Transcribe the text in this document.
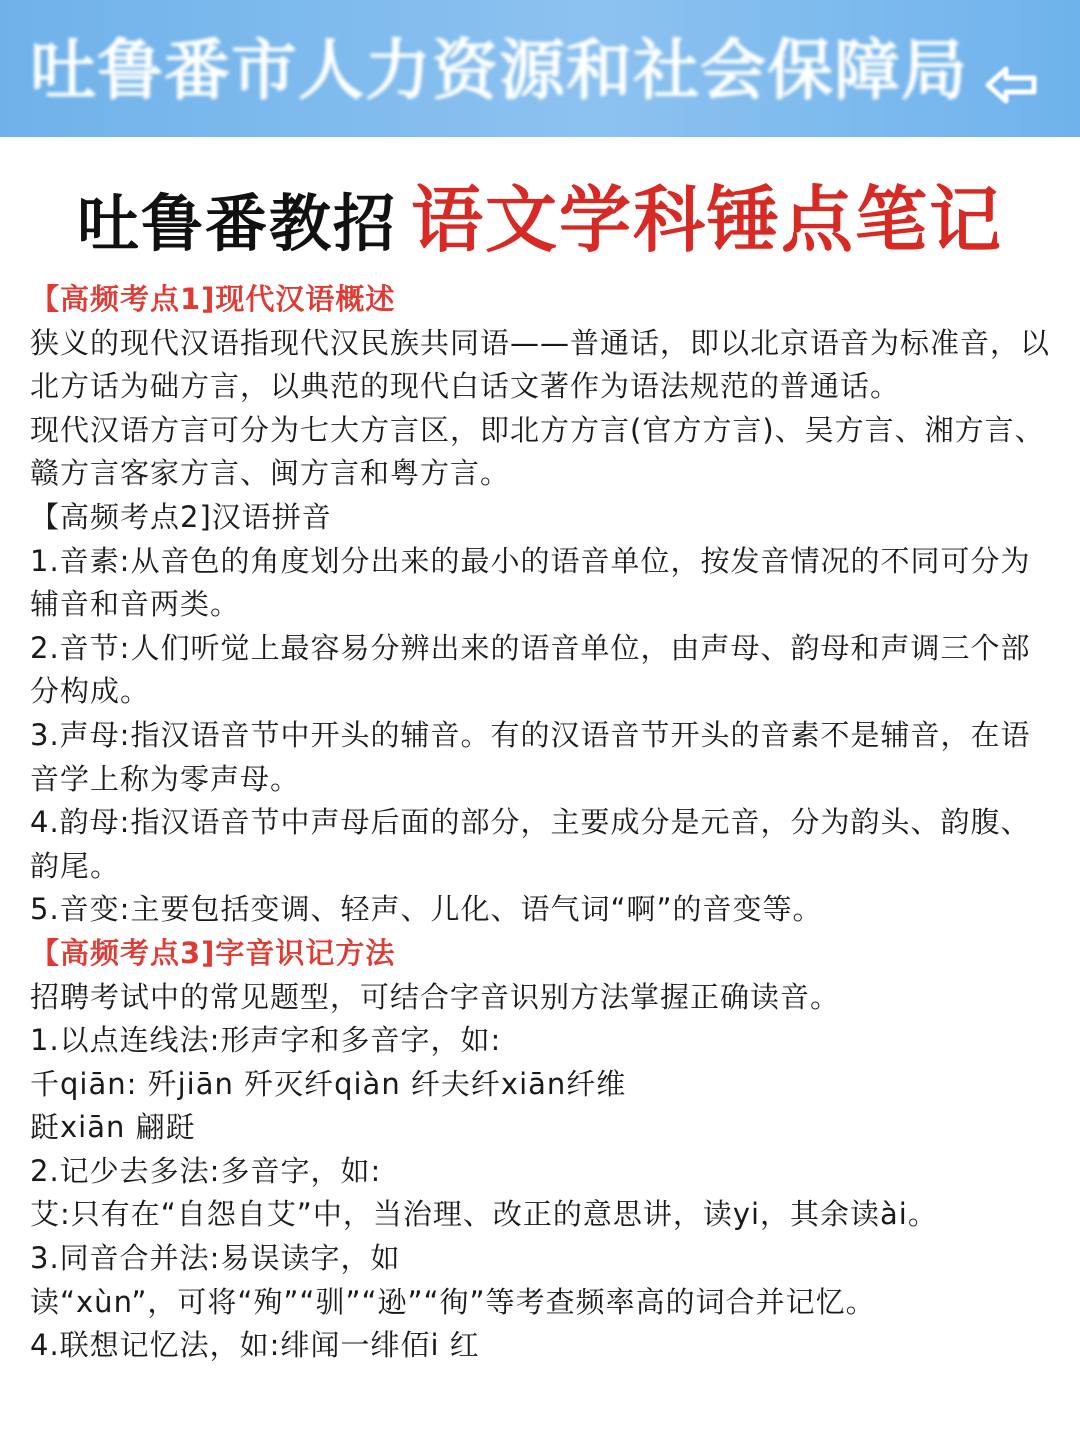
吐鲁番市人力资源和社会保障局
吐鲁番教招 语文学科锤点笔记

【高频考点1]现代汉语概述

狭义的现代汉语指现代汉民族共同语——普通话，即以北京语音为标准音，以北方话为础方言，以典范的现代白话文著作为语法规范的普通话。

现代汉语方言可分为七大方言区，即北方方言(官方方言)、吴方言、湘方言、赣方言客家方言、闽方言和粤方言。

【高频考点2]汉语拼音

1.音素:从音色的角度划分出来的最小的语音单位，按发音情况的不同可分为辅音和音两类。

2.音节:人们听觉上最容易分辨出来的语音单位，由声母、韵母和声调三个部分构成。

3.声母:指汉语音节中开头的辅音。有的汉语音节开头的音素不是辅音，在语音学上称为零声母。

4.韵母:指汉语音节中声母后面的部分，主要成分是元音，分为韵头、韵腹、韵尾。

5.音变:主要包括变调、轻声、儿化、语气词“啊”的音变等。

【高频考点3]字音识记方法

招聘考试中的常见题型，可结合字音识别方法掌握正确读音。

1.以点连线法:形声字和多音字，如:

千qiān: 歼jiān 歼灭纤qiàn 纤夫纤xiān纤维

跹xiān 翩跹

2.记少去多法:多音字，如:

艾:只有在“自怨自艾”中，当治理、改正的意思讲，读yi，其余读ài。

3.同音合并法:易误读字，如

读“xùn”，可将“殉”“驯”“逊”“徇”等考查频率高的词合并记忆。

4.联想记忆法，如:绯闻一绯佰i 红
